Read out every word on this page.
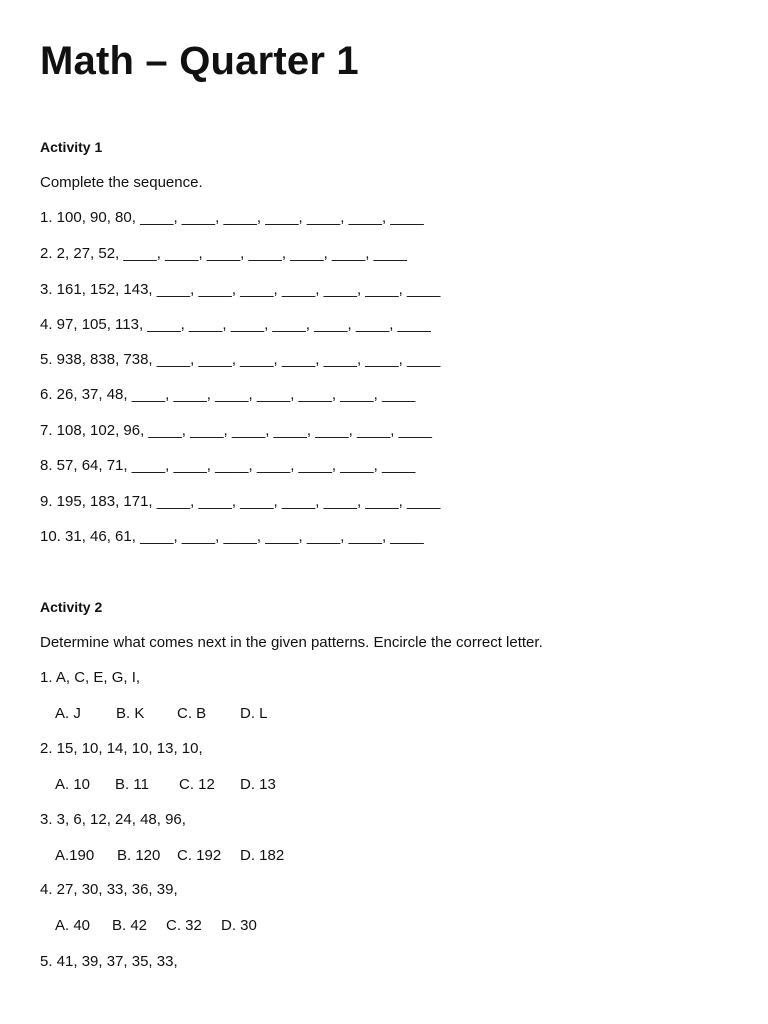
Math – Quarter 1
Activity 1
Complete the sequence.
1. 100, 90, 80, ____, ____, ____, ____, ____, ____, ____
2. 2, 27, 52, ____, ____, ____, ____, ____, ____, ____
3. 161, 152, 143, ____, ____, ____, ____, ____, ____, ____
4. 97, 105, 113, ____, ____, ____, ____, ____, ____, ____
5. 938, 838, 738, ____, ____, ____, ____, ____, ____, ____
6. 26, 37, 48, ____, ____, ____, ____, ____, ____, ____
7. 108, 102, 96, ____, ____, ____, ____, ____, ____, ____
8. 57, 64, 71, ____, ____, ____, ____, ____, ____, ____
9. 195, 183, 171, ____, ____, ____, ____, ____, ____, ____
10. 31, 46, 61, ____, ____, ____, ____, ____, ____, ____
Activity 2
Determine what comes next in the given patterns. Encircle the correct letter.
1. A, C, E, G, I,
A. J B. K C. B D. L
2. 15, 10, 14, 10, 13, 10,
A. 10 B. 11 C. 12 D. 13
3. 3, 6, 12, 24, 48, 96,
A.190 B. 120 C. 192 D. 182
4. 27, 30, 33, 36, 39,
A. 40 B. 42 C. 32 D. 30
5. 41, 39, 37, 35, 33,
